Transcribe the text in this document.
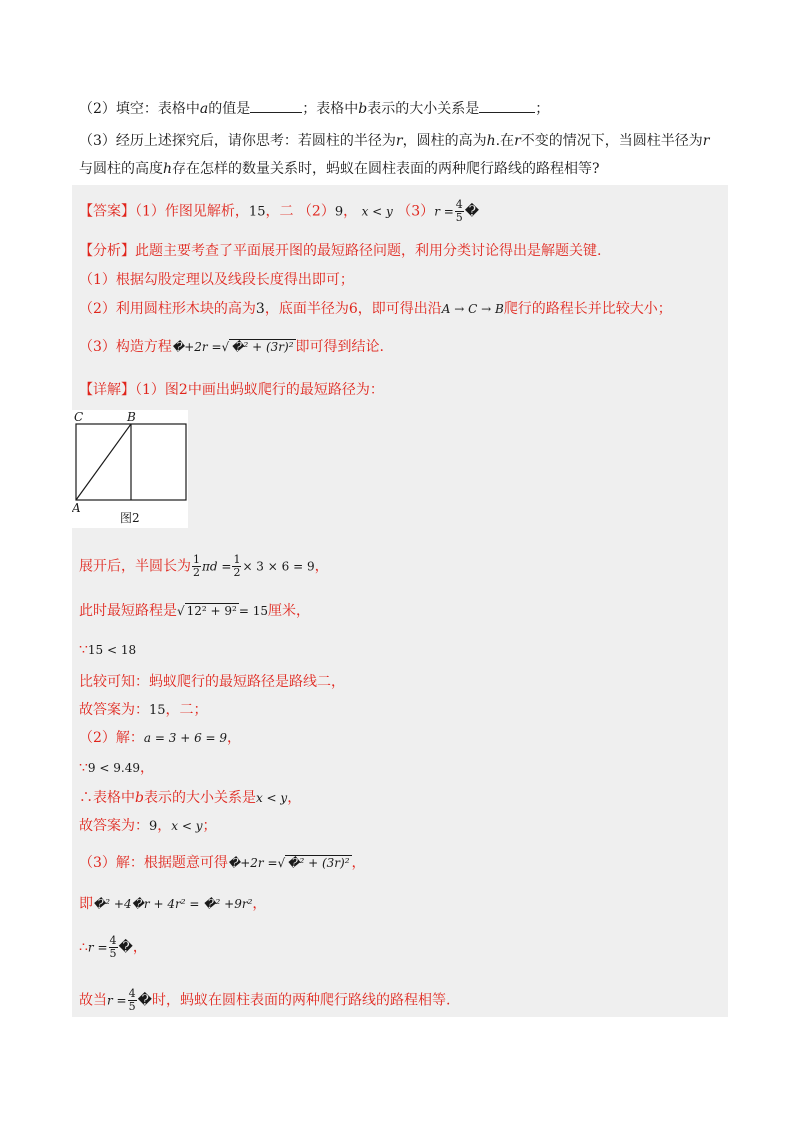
（2）填空：表格中a的值是	；表格中b表示的大小关系是	；
（3）经历上述探究后，请你思考：若圆柱的半径为r，圆柱的高为h.在r不变的情况下，当圆柱半径为r
与圆柱的高度h存在怎样的数量关系时，蚂蚁在圆柱表面的两种爬行路线的路程相等?
【答案】（1）作图见解析，15，二 （2）9， x < y $(3)r = \frac{4}{5}$ �
【分析】此题主要考查了平面展开图的最短路径问题，利用分类讨论得出是解题关键.
（1）根据勾股定理以及线段长度得出即可；
（2）利用圆柱形木块的高为3，底面半径为6，即可得出沿A → C → B爬行的路程长并比较大小；
（3）构造方程�+2r =√ �² + (3r)² 即可得到结论.
【详解】（1）图2中画出蚂蚁爬行的最短路径为：
C	B
A
图2
展开后，半圆长为 $\frac{1}{2}$ $\pi d = \frac{1}{2} \times 3 \times 6 = 9$，
此时最短路程是√ 12² + 9² = 15厘米，
∵15 < 18
比较可知：蚂蚁爬行的最短路径是路线二，
故答案为：15，二；
（2）解：a = 3 + 6 = 9，
∵9 < 9.49，
∴表格中b表示的大小关系是x < y，
故答案为：9，x < y；
（3）解：根据题意可得�+2r =√ �² + (3r)² ，
即�² +4�r + 4r² = �² +9r²，
∴r = $\frac{4}{5}$ �，
故当$r = \frac{4}{5}$ �时，蚂蚁在圆柱表面的两种爬行路线的路程相等.
